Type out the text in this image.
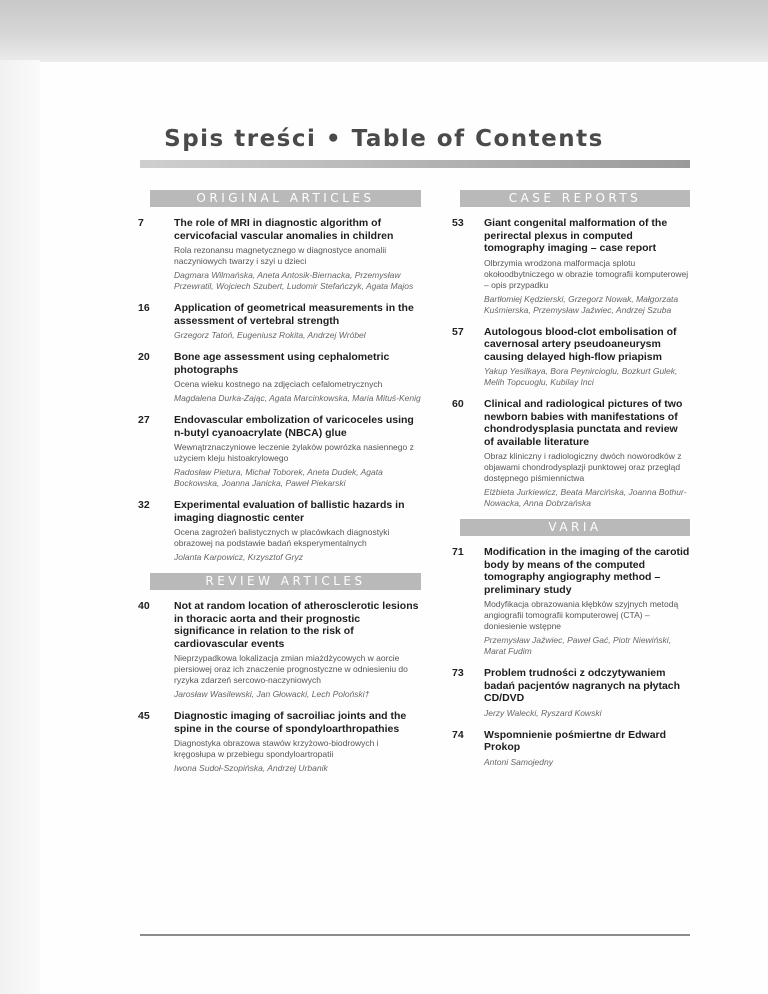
Spis treści • Table of Contents
ORIGINAL ARTICLES
7	The role of MRI in diagnostic algorithm of cervicofacial vascular anomalies in children
Rola rezonansu magnetycznego w diagnostyce anomalii naczyniowych twarzy i szyi u dzieci
Dagmara Wilmańska, Aneta Antosik-Biernacka, Przemysław Przewratil, Wojciech Szubert, Ludomir Stefańczyk, Agata Majos
16 Application of geometrical measurements in the assessment of vertebral strength
Grzegorz Tatoń, Eugeniusz Rokita, Andrzej Wróbel
20 Bone age assessment using cephalometric photographs
Ocena wieku kostnego na zdjęciach cefalometrycznych
Magdalena Durka-Zając, Agata Marcinkowska, Maria Mituś-Kenig
27 Endovascular embolization of varicoceles using n-butyl cyanoacrylate (NBCA) glue
Wewnątrznaczyniowe leczenie żylaków powrózka nasiennego z użyciem kleju histoakrylowego
Radosław Pietura, Michał Toborek, Aneta Dudek, Agata Bockowska, Joanna Janicka, Paweł Piekarski
32 Experimental evaluation of ballistic hazards in imaging diagnostic center
Ocena zagrożeń balistycznych w placówkach diagnostyki obrazowej na podstawie badań eksperymentalnych
Jolanta Karpowicz, Krzysztof Gryz
REVIEW ARTICLES
40 Not at random location of atherosclerotic lesions in thoracic aorta and their prognostic significance in relation to the risk of cardiovascular events
Nieprzypadkowa lokalizacja zmian miażdżycowych w aorcie piersiowej oraz ich znaczenie prognostyczne w odniesieniu do ryzyka zdarzeń sercowo-naczyniowych
Jarosław Wasilewski, Jan Głowacki, Lech Poloński†
45 Diagnostic imaging of sacroiliac joints and the spine in the course of spondyloarthropathies
Diagnostyka obrazowa stawów krzyżowo-biodrowych i kręgosłupa w przebiegu spondyloartropatii
Iwona Sudoł-Szopińska, Andrzej Urbanik
CASE REPORTS
53 Giant congenital malformation of the perirectal plexus in computed tomography imaging – case report
Olbrzymia wrodzona malformacja splotu okołoodbytniczego w obrazie tomografii komputerowej – opis przypadku
Bartłomiej Kędzierski, Grzegorz Nowak, Małgorzata Kuśmierska, Przemysław Jaźwiec, Andrzej Szuba
57 Autologous blood-clot embolisation of cavernosal artery pseudoaneurysm causing delayed high-flow priapism
Yakup Yesilkaya, Bora Peynircioglu, Bozkurt Gulek, Melih Topcuoglu, Kubilay Inci
60 Clinical and radiological pictures of two newborn babies with manifestations of chondrodysplasia punctata and review of available literature
Obraz kliniczny i radiologiczny dwóch noworodków z objawami chondrodysplazji punktowej oraz przegląd dostępnego piśmiennictwa
Elżbieta Jurkiewicz, Beata Marcińska, Joanna Bothur-Nowacka, Anna Dobrzańska
VARIA
71 Modification in the imaging of the carotid body by means of the computed tomography angiography method – preliminary study
Modyfikacja obrazowania kłębków szyjnych metodą angiografii tomografii komputerowej (CTA) – doniesienie wstępne
Przemysław Jaźwiec, Paweł Gać, Piotr Niewiński, Marat Fudim
73 Problem trudności z odczytywaniem badań pacjentów nagranych na płytach CD/DVD
Jerzy Walecki, Ryszard Kowski
74 Wspomnienie pośmiertne dr Edward Prokop
Antoni Samojedny
